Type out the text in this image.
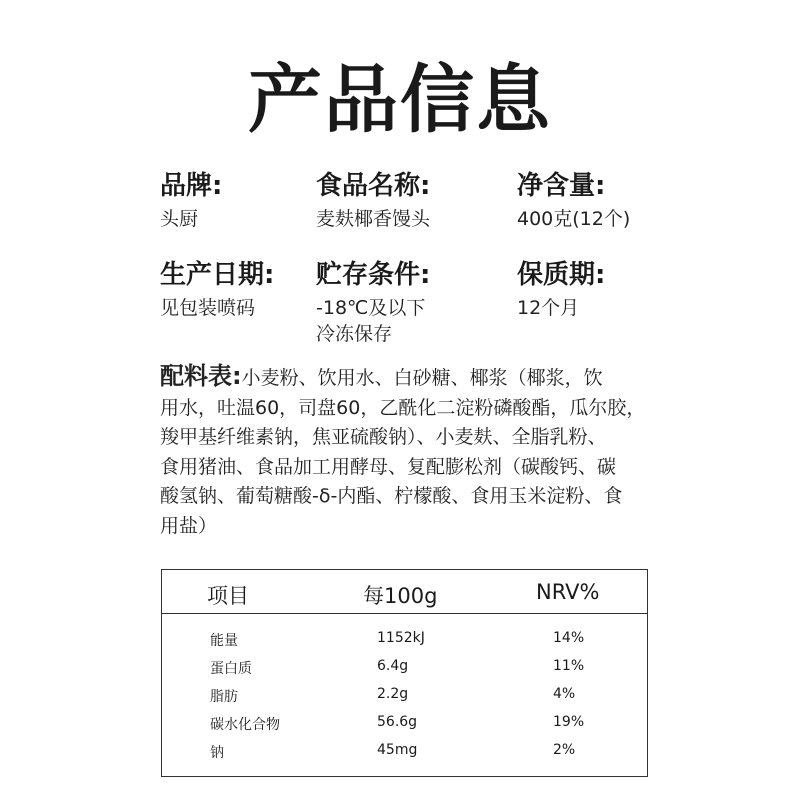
产品信息
品牌:
头厨
食品名称:
麦麸椰香馒头
净含量:
400克(12个)
生产日期:
见包装喷码
贮存条件:
-18℃及以下
冷冻保存
保质期:
12个月
配料表:小麦粉、饮用水、白砂糖、椰浆（椰浆，饮
用水，吐温60，司盘60，乙酰化二淀粉磷酸酯，瓜尔胶，
羧甲基纤维素钠，焦亚硫酸钠）、小麦麸、全脂乳粉、
食用猪油、食品加工用酵母、复配膨松剂（碳酸钙、碳
酸氢钠、葡萄糖酸-δ-内酯、柠檬酸、食用玉米淀粉、食
用盐）
项目	每100g	NRV%
能量	1152kJ	14%
蛋白质	6.4g	11%
脂肪	2.2g	4%
碳水化合物	56.6g	19%
钠	45mg	2%
